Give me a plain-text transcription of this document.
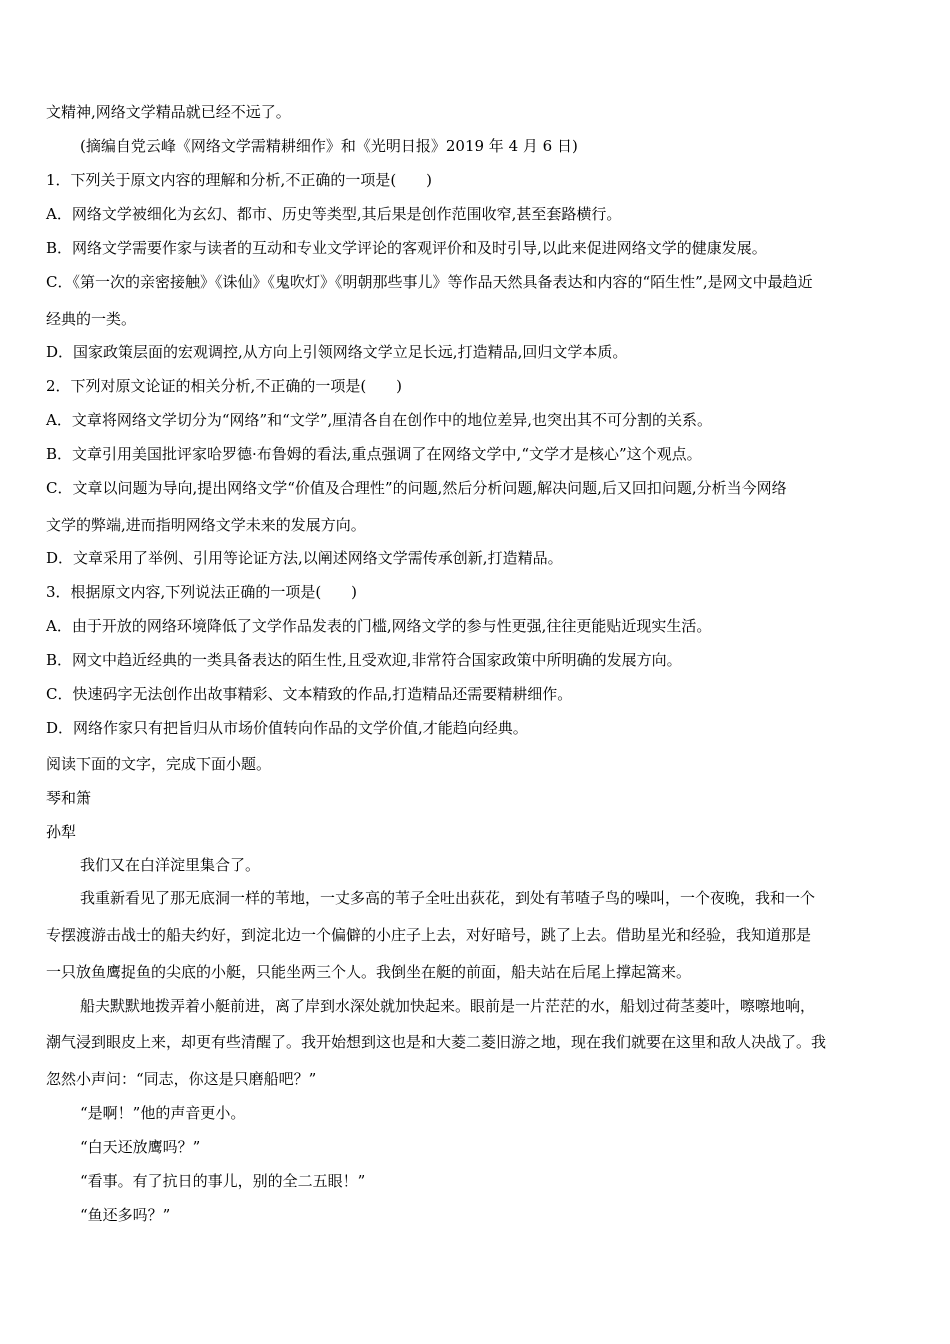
文精神,网络文学精品就已经不远了。
(摘编自党云峰《网络文学需精耕细作》和《光明日报》2019 年 4 月 6 日)
1．下列关于原文内容的理解和分析,不正确的一项是(　　)
A．网络文学被细化为玄幻、都市、历史等类型,其后果是创作范围收窄,甚至套路横行。
B．网络文学需要作家与读者的互动和专业文学评论的客观评价和及时引导,以此来促进网络文学的健康发展。
C．《第一次的亲密接触》《诛仙》《鬼吹灯》《明朝那些事儿》等作品天然具备表达和内容的“陌生性”,是网文中最趋近
经典的一类。
D．国家政策层面的宏观调控,从方向上引领网络文学立足长远,打造精品,回归文学本质。
2．下列对原文论证的相关分析,不正确的一项是(　　)
A．文章将网络文学切分为“网络”和“文学”,厘清各自在创作中的地位差异,也突出其不可分割的关系。
B．文章引用美国批评家哈罗德·布鲁姆的看法,重点强调了在网络文学中,“文学才是核心”这个观点。
C．文章以问题为导向,提出网络文学“价值及合理性”的问题,然后分析问题,解决问题,后又回扣问题,分析当今网络
文学的弊端,进而指明网络文学未来的发展方向。
D．文章采用了举例、引用等论证方法,以阐述网络文学需传承创新,打造精品。
3．根据原文内容,下列说法正确的一项是(　　)
A．由于开放的网络环境降低了文学作品发表的门槛,网络文学的参与性更强,往往更能贴近现实生活。
B．网文中趋近经典的一类具备表达的陌生性,且受欢迎,非常符合国家政策中所明确的发展方向。
C．快速码字无法创作出故事精彩、文本精致的作品,打造精品还需要精耕细作。
D．网络作家只有把旨归从市场价值转向作品的文学价值,才能趋向经典。
阅读下面的文字，完成下面小题。
琴和箫
孙犁
我们又在白洋淀里集合了。
我重新看见了那无底洞一样的苇地，一丈多高的苇子全吐出荻花，到处有苇喳子鸟的噪叫，一个夜晚，我和一个
专摆渡游击战士的船夫约好，到淀北边一个偏僻的小庄子上去，对好暗号，跳了上去。借助星光和经验，我知道那是
一只放鱼鹰捉鱼的尖底的小艇，只能坐两三个人。我倒坐在艇的前面，船夫站在后尾上撑起篙来。
船夫默默地拨弄着小艇前进，离了岸到水深处就加快起来。眼前是一片茫茫的水，船划过荷茎菱叶，嚓嚓地响，
潮气浸到眼皮上来，却更有些清醒了。我开始想到这也是和大菱二菱旧游之地，现在我们就要在这里和敌人决战了。我
忽然小声问：“同志，你这是只磨船吧？”
“是啊！”他的声音更小。
“白天还放鹰吗？”
“看事。有了抗日的事儿，别的全二五眼！”
“鱼还多吗？”
